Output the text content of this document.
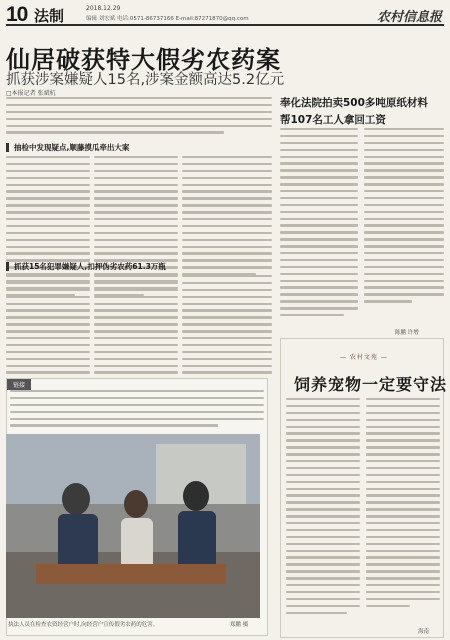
10 法制	2018.12.29
编辑 刘宏斌 电话:0571-86737166 E-mail:87271870@qq.com	农村信息报
仙居破获特大假劣农药案
抓获涉案嫌疑人15名,涉案金额高达5.2亿元
□本报记者 张斌杭
抽检中发现疑点,顺藤摸瓜牵出大案
抓获15名犯罪嫌疑人,扣押伪劣农药61.3万瓶
链接
执法人员在检查农资经营户时,向经营户宣传假劣农药的危害。	郑鹏 摄
奉化法院拍卖500多吨原纸材料
帮107名工人拿回工资
陈鹏 许增
— 农村文苑 —
饲养宠物一定要守法
海南
